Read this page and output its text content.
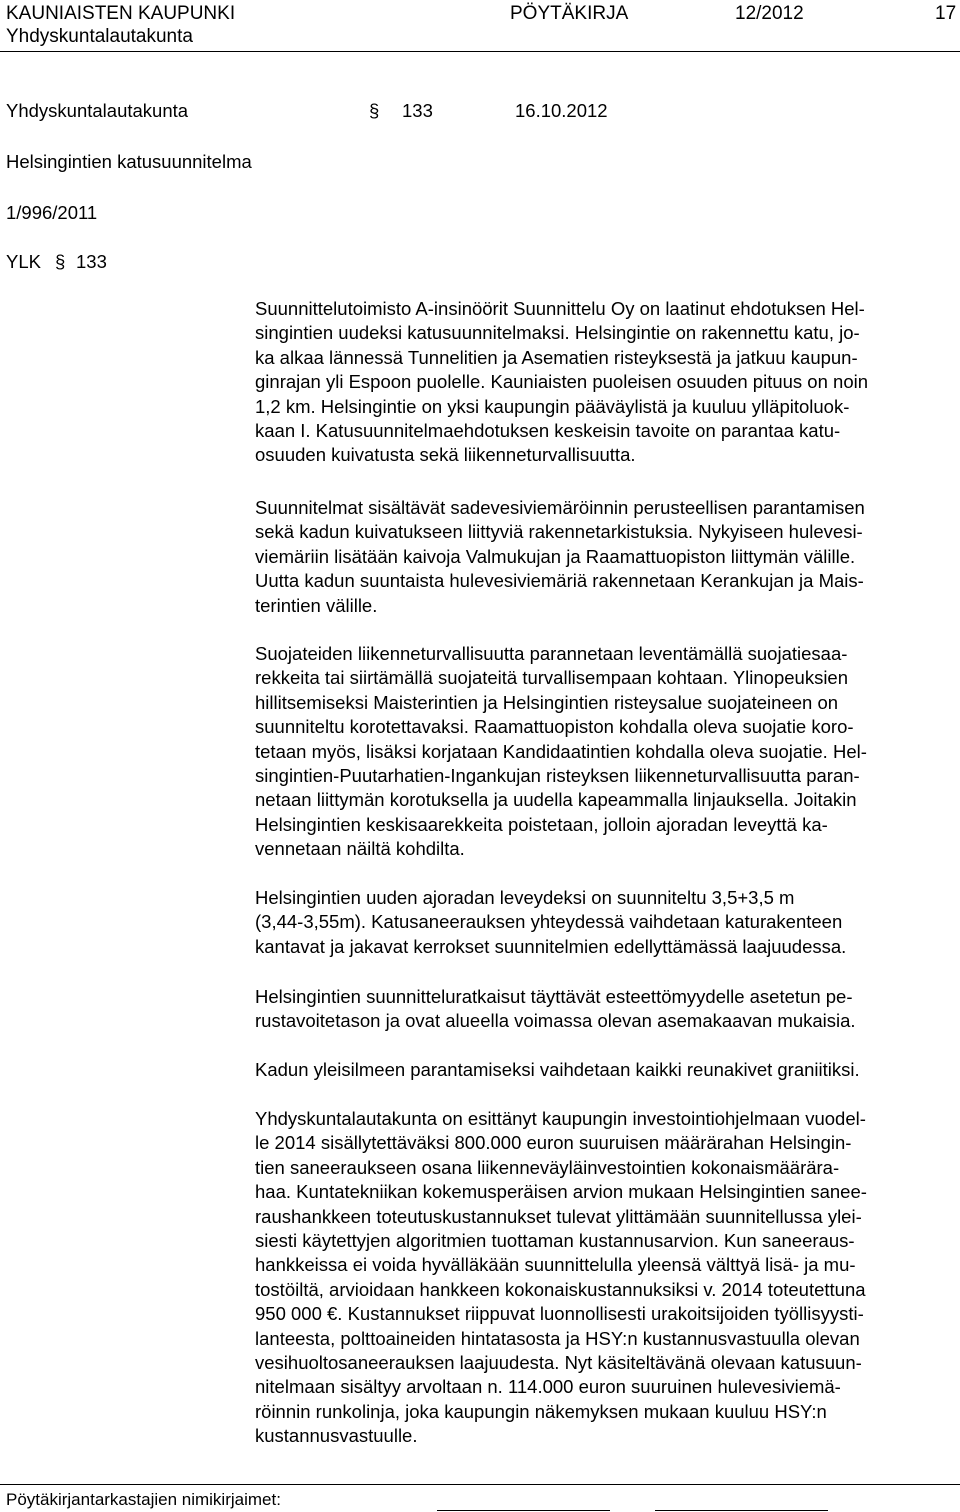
KAUNIAISTEN KAUPUNKI	PÖYTÄKIRJA	12/2012	17
Yhdyskuntalautakunta
Yhdyskuntalautakunta	§ 133	16.10.2012
Helsingintien katusuunnitelma
1/996/2011
YLK § 133

Suunnittelutoimisto A-insinöörit Suunnittelu Oy on laatinut ehdotuksen Hel-
singintien uudeksi katusuunnitelmaksi. Helsingintie on rakennettu katu, jo-
ka alkaa lännessä Tunnelitien ja Asematien risteyksestä ja jatkuu kaupun-
ginrajan yli Espoon puolelle. Kauniaisten puoleisen osuuden pituus on noin
1,2 km. Helsingintie on yksi kaupungin pääväylistä ja kuuluu ylläpitoluok-
kaan I. Katusuunnitelmaehdotuksen keskeisin tavoite on parantaa katu-
osuuden kuivatusta sekä liikenneturvallisuutta.

Suunnitelmat sisältävät sadevesiviemäröinnin perusteellisen parantamisen
sekä kadun kuivatukseen liittyviä rakennetarkistuksia. Nykyiseen hulevesi-
viemäriin lisätään kaivoja Valmukujan ja Raamattuopiston liittymän välille.
Uutta kadun suuntaista hulevesiviemäriä rakennetaan Kerankujan ja Mais-
terintien välille.

Suojateiden liikenneturvallisuutta parannetaan leventämällä suojatiesaa-
rekkeita tai siirtämällä suojateitä turvallisempaan kohtaan. Ylinopeuksien
hillitsemiseksi Maisterintien ja Helsingintien risteysalue suojateineen on
suunniteltu korotettavaksi. Raamattuopiston kohdalla oleva suojatie koro-
tetaan myös, lisäksi korjataan Kandidaatintien kohdalla oleva suojatie. Hel-
singintien-Puutarhatien-Ingankujan risteyksen liikenneturvallisuutta paran-
netaan liittymän korotuksella ja uudella kapeammalla linjauksella. Joitakin
Helsingintien keskisaarekkeita poistetaan, jolloin ajoradan leveyttä ka-
vennetaan näiltä kohdilta.

Helsingintien uuden ajoradan leveydeksi on suunniteltu 3,5+3,5 m
(3,44-3,55m). Katusaneerauksen yhteydessä vaihdetaan katurakenteen
kantavat ja jakavat kerrokset suunnitelmien edellyttämässä laajuudessa.

Helsingintien suunnitteluratkaisut täyttävät esteettömyydelle asetetun pe-
rustavoitetason ja ovat alueella voimassa olevan asemakaavan mukaisia.

Kadun yleisilmeen parantamiseksi vaihdetaan kaikki reunakivet graniitiksi.

Yhdyskuntalautakunta on esittänyt kaupungin investointiohjelmaan vuodel-
le 2014 sisällytettäväksi 800.000 euron suuruisen määrärahan Helsingin-
tien saneeraukseen osana liikenneväyläinvestointien kokonaismäärära-
haa. Kuntatekniikan kokemusperäisen arvion mukaan Helsingintien sanee-
raushankkeen toteutuskustannukset tulevat ylittämään suunnitellussa ylei-
siesti käytettyjen algoritmien tuottaman kustannusarvion. Kun saneeraus-
hankkeissa ei voida hyvälläkään suunnittelulla yleensä välttyä lisä- ja mu-
tostöiltä, arvioidaan hankkeen kokonaiskustannuksiksi v. 2014 toteutettuna
950 000 €. Kustannukset riippuvat luonnollisesti urakoitsijoiden työllisyysti-
lanteesta, polttoaineiden hintatasosta ja HSY:n kustannusvastuulla olevan
vesihuoltosaneerauksen laajuudesta. Nyt käsiteltävänä olevaan katusuun-
nitelmaan sisältyy arvoltaan n. 114.000 euron suuruinen hulevesiviemä-
röinnin runkolinja, joka kaupungin näkemyksen mukaan kuuluu HSY:n
kustannusvastuulle.

Pöytäkirjantarkastajien nimikirjaimet:
